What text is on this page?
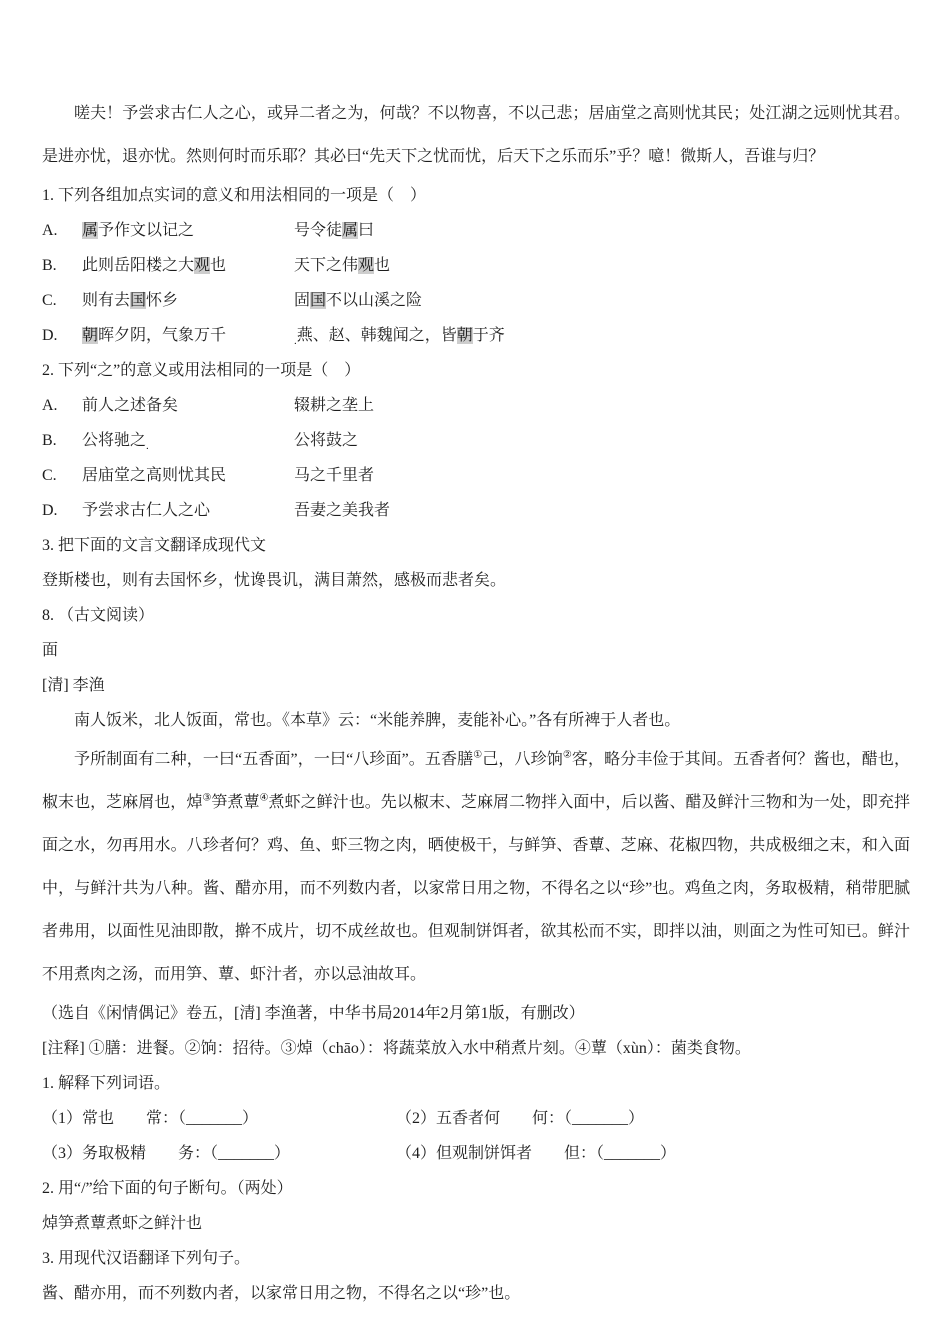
嗟夫！予尝求古仁人之心，或异二者之为，何哉？不以物喜，不以己悲；居庙堂之高则忧其民；处江湖之远则忧其君。是进亦忧，退亦忧。然则何时而乐耶？其必曰“先天下之忧而忧，后天下之乐而乐”乎？噫！微斯人，吾谁与归？

1. 下列各组加点实词的意义和用法相同的一项是（　）
A.	属予作文以记之	号令徒属曰
B.	此则岳阳楼之大观也	天下之伟观也
C.	则有去国怀乡	固国不以山溪之险
D.	朝晖夕阴，气象万千	$_.$燕、赵、韩魏闻之，皆朝于齐
2. 下列“之”的意义或用法相同的一项是（　）
A.	前人之述备矣	辍耕之垄上
B.	公将驰之$_.$	公将鼓之
C.	居庙堂之高则忧其民	马之千里者
D.	予尝求古仁人之心	吾妻之美我者
3. 把下面的文言文翻译成现代文
登斯楼也，则有去国怀乡，忧谗畏讥，满目萧然，感极而悲者矣。
8. （古文阅读）
面
[清] 李渔

南人饭米，北人饭面，常也。《本草》云：“米能养脾，麦能补心。”各有所裨于人者也。

予所制面有二种，一曰“五香面”，一曰“八珍面”。五香膳①己，八珍饷②客，略分丰俭于其间。五香者何？酱也，醋也，椒末也，芝麻屑也，焯③笋煮蕈④煮虾之鲜汁也。先以椒末、芝麻屑二物拌入面中，后以酱、醋及鲜汁三物和为一处，即充拌面之水，勿再用水。八珍者何？鸡、鱼、虾三物之肉，晒使极干，与鲜笋、香蕈、芝麻、花椒四物，共成极细之末，和入面中，与鲜汁共为八种。酱、醋亦用，而不列数内者，以家常日用之物，不得名之以“珍”也。鸡鱼之肉，务取极精，稍带肥腻者弗用，以面性见油即散，擀不成片，切不成丝故也。但观制饼饵者，欲其松而不实，即拌以油，则面之为性可知已。鲜汁不用煮肉之汤，而用笋、蕈、虾汁者，亦以忌油故耳。

（选自《闲情偶记》卷五，[清] 李渔著，中华书局2014年2月第1版，有删改）
[注释] ①膳：进餐。②饷：招待。③焯（chāo）：将蔬菜放入水中稍煮片刻。④蕈（xùn）：菌类食物。
1. 解释下列词语。
（1）常也　　常：（_______）	（2）五香者何　　何：（_______）
（3）务取极精　　务：（_______）	（4）但观制饼饵者　　但：（_______）
2. 用“/”给下面的句子断句。（两处）
焯笋煮蕈煮虾之鲜汁也
3. 用现代汉语翻译下列句子。
酱、醋亦用，而不列数内者，以家常日用之物，不得名之以“珍”也。
